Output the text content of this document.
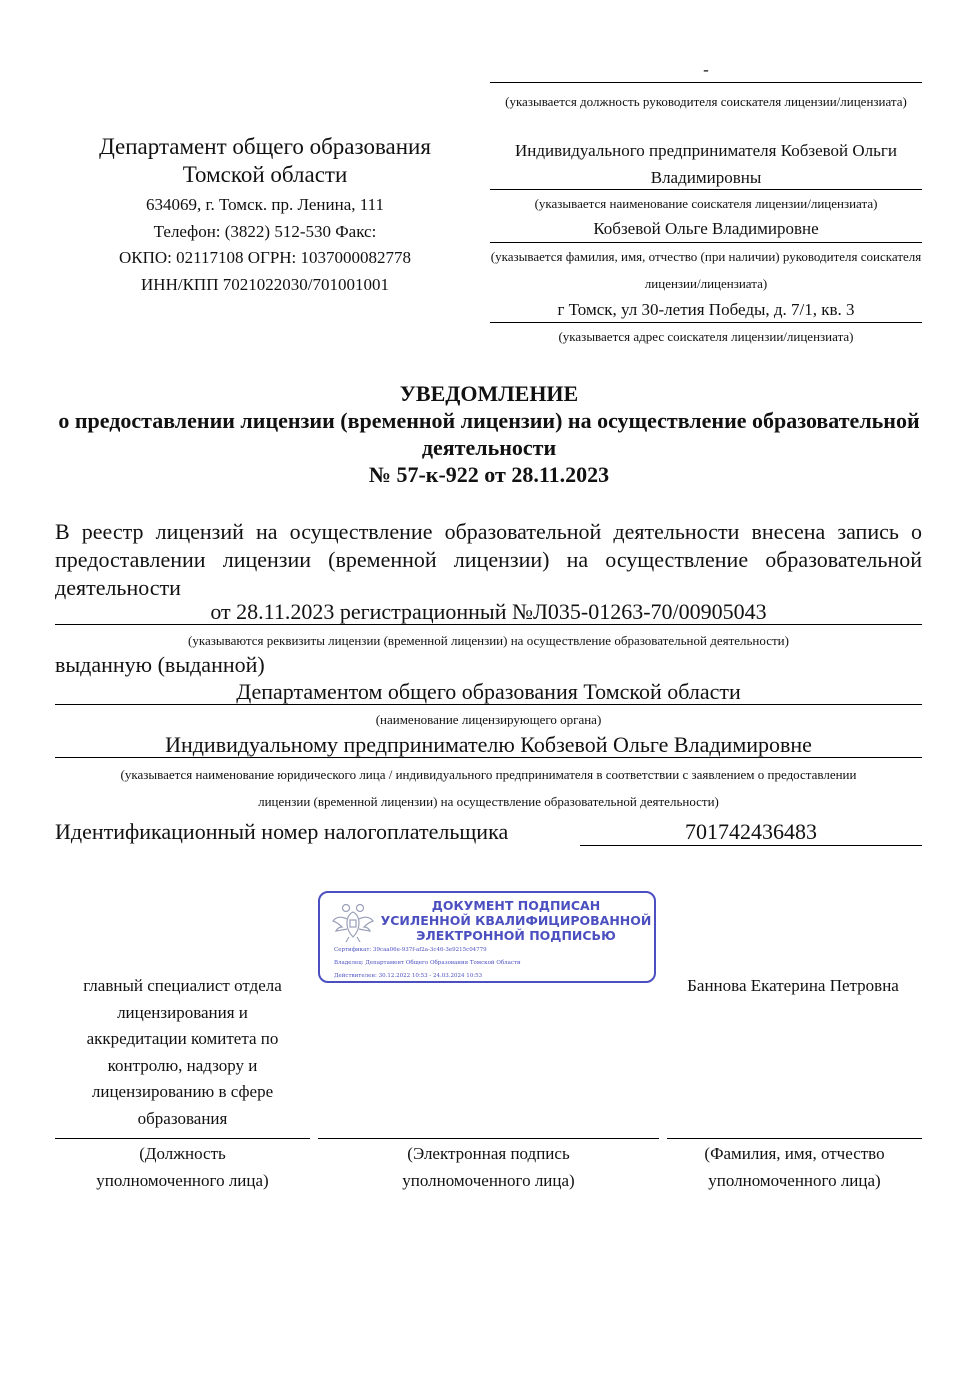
-
(указывается должность руководителя соискателя лицензии/лицензиата)
Индивидуального предпринимателя Кобзевой Ольги Владимировны
(указывается наименование соискателя лицензии/лицензиата)
Кобзевой Ольге Владимировне
(указывается фамилия, имя, отчество (при наличии) руководителя соискателя лицензии/лицензиата)
г Томск, ул 30-летия Победы, д. 7/1, кв. 3
(указывается адрес соискателя лицензии/лицензиата)
Департамент общего образования
Томской области
634069, г. Томск. пр. Ленина, 111
Телефон: (3822) 512-530 Факс:
ОКПО: 02117108 ОГРН: 1037000082778
ИНН/КПП 7021022030/701001001
УВЕДОМЛЕНИЕ
о предоставлении лицензии (временной лицензии) на осуществление образовательной
деятельности
№ 57-к-922 от 28.11.2023
В реестр лицензий на осуществление образовательной деятельности внесена запись о
предоставлении лицензии (временной лицензии) на осуществление образовательной
деятельности
от 28.11.2023 регистрационный №Л035-01263-70/00905043
(указываются реквизиты лицензии (временной лицензии) на осуществление образовательной деятельности)
выданную (выданной)
Департаментом общего образования Томской области
(наименование лицензирующего органа)
Индивидуальному предпринимателю Кобзевой Ольге Владимировне
(указывается наименование юридического лица / индивидуального предпринимателя в соответствии с заявлением о предоставлении
лицензии (временной лицензии) на осуществление образовательной деятельности)
Идентификационный номер налогоплательщика	701742436483
ДОКУМЕНТ ПОДПИСАН
УСИЛЕННОЙ КВАЛИФИЦИРОВАННОЙ
ЭЛЕКТРОННОЙ ПОДПИСЬЮ
Сертификат: 39caa06e-937f-af2a-3c46-3e9215c04779
Владелец: Департамент Общего Образования Томской Области
Действителен: 30.12.2022 10:53 - 24.03.2024 10:53
главный специалист отдела
лицензирования и
аккредитации комитета по
контролю, надзору и
лицензированию в сфере
образования
Баннова Екатерина Петровна
(Должность
уполномоченного лица)
(Электронная подпись
уполномоченного лица)
(Фамилия, имя, отчество
уполномоченного лица)
